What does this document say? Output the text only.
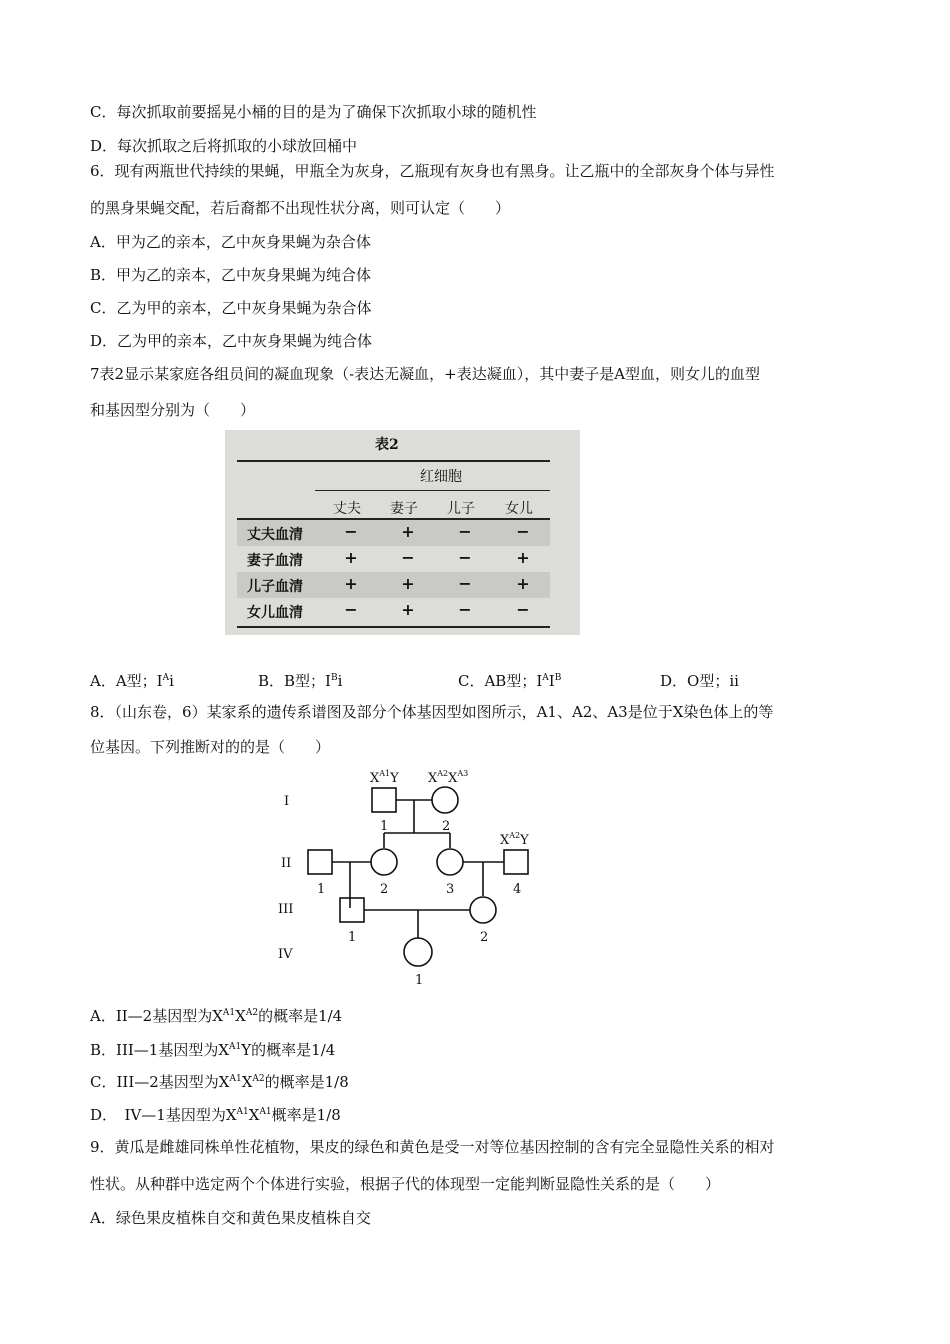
C．每次抓取前要摇晃小桶的目的是为了确保下次抓取小球的随机性
D．每次抓取之后将抓取的小球放回桶中
6．现有两瓶世代持续的果蝇，甲瓶全为灰身，乙瓶现有灰身也有黑身。让乙瓶中的全部灰身个体与异性
的黑身果蝇交配，若后裔都不出现性状分离，则可认定（　　）
A．甲为乙的亲本，乙中灰身果蝇为杂合体
B．甲为乙的亲本，乙中灰身果蝇为纯合体
C．乙为甲的亲本，乙中灰身果蝇为杂合体
D．乙为甲的亲本，乙中灰身果蝇为纯合体
7表2显示某家庭各组员间的凝血现象（-表达无凝血，+表达凝血），其中妻子是A型血，则女儿的血型
和基因型分别为（　　）
表2
红细胞
丈夫 妻子 儿子 女儿
丈夫血清	−	+	−	−
妻子血清	+	−	−	+
儿子血清	+	+	−	+
女儿血清	−	+	−	−
A．A型；$I^Ai$	B．B型；$I^Bi$	C．AB型；$I^AI^B$	D．O型；ii
8．（山东卷，6）某家系的遗传系谱图及部分个体基因型如图所示，A1、A2、A3是位于X染色体上的等
位基因。下列推断对的的是（　　）
I
II
III
IV
$X^{A1}Y$ $X^{A2}X^{A3}$
$X^{A2}Y$
1	2
1	2	3	4
1	2
1
A．II—2基因型为$X^{A1}X^{A2}$的概率是1/4
B．III—1基因型为$X^{A1}Y$的概率是1/4
C．III—2基因型为$X^{A1}X^{A2}$的概率是1/8
D．　IV—1基因型为$X^{A1}X^{A1}$概率是1/8
9．黄瓜是雌雄同株单性花植物，果皮的绿色和黄色是受一对等位基因控制的含有完全显隐性关系的相对
性状。从种群中选定两个个体进行实验，根据子代的体现型一定能判断显隐性关系的是（　　）
A．绿色果皮植株自交和黄色果皮植株自交
